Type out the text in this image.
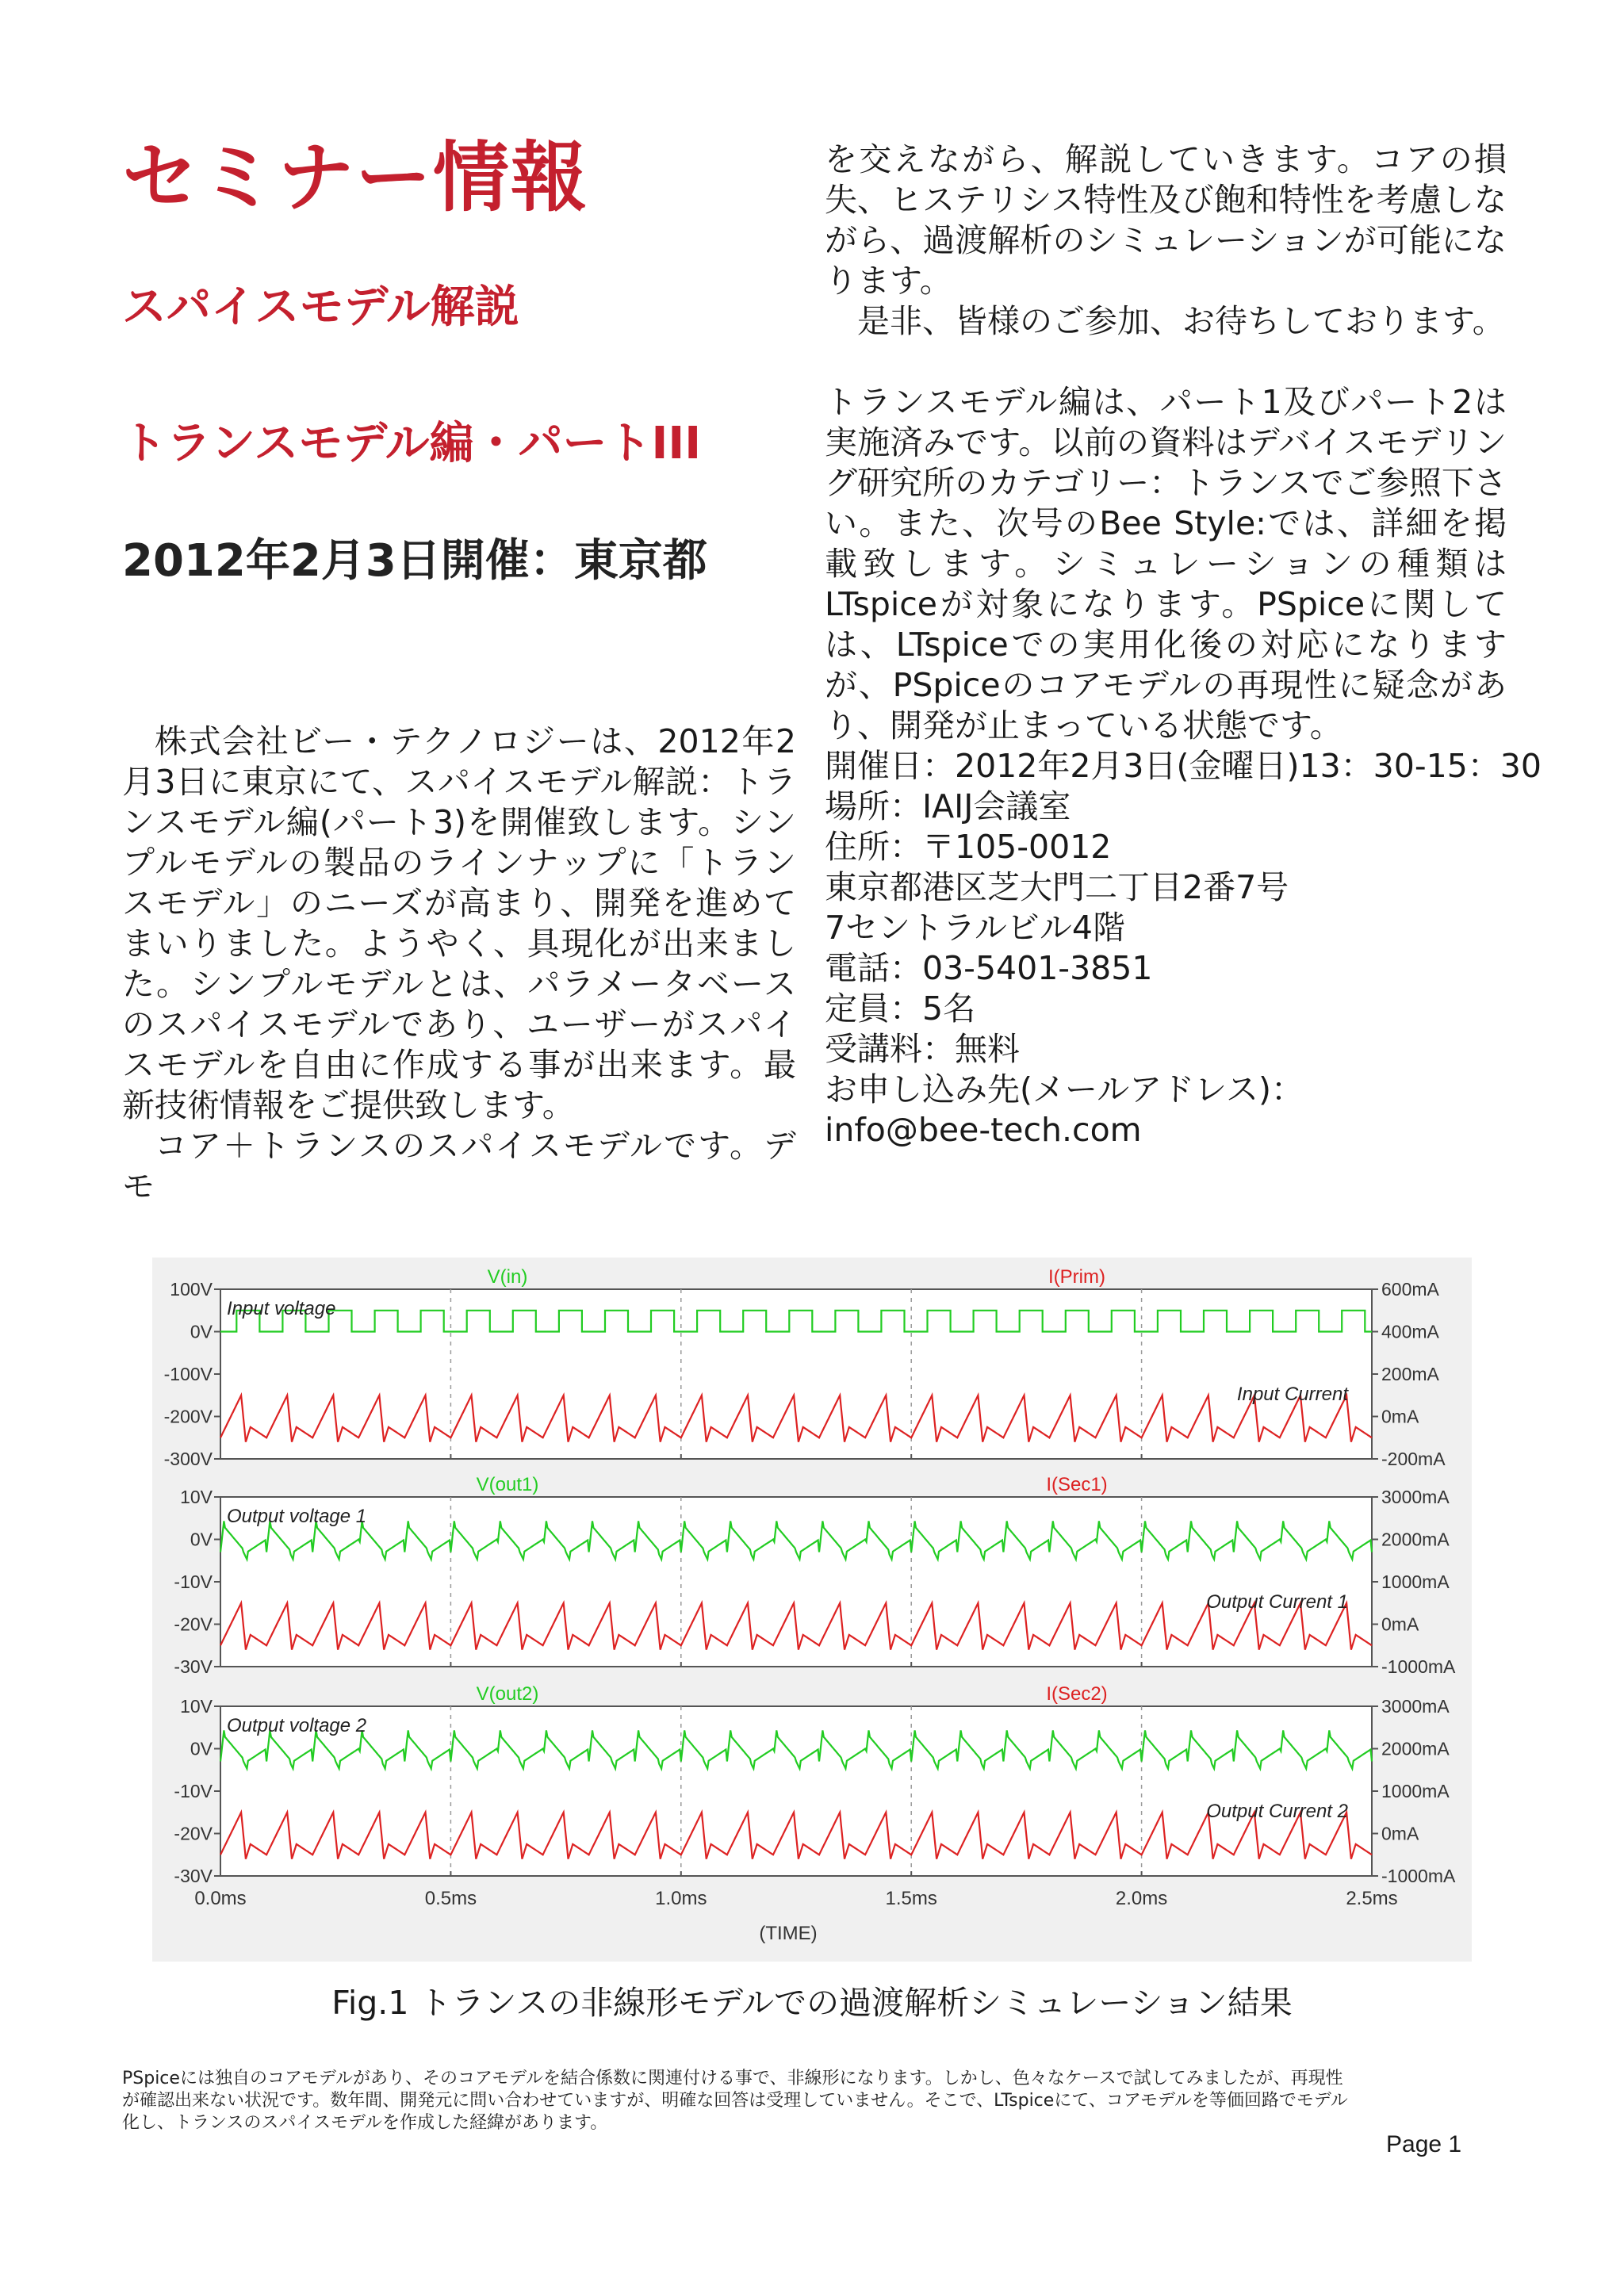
セミナー情報
スパイスモデル解説
トランスモデル編・パートIII
2012年2月3日開催：東京都

株式会社ビー・テクノロジーは、2012年2月3日に東京にて、スパイスモデル解説：トランスモデル編(パート3)を開催致します。シンプルモデルの製品のラインナップに「トランスモデル」のニーズが高まり、開発を進めてまいりました。ようやく、具現化が出来ました。シンプルモデルとは、パラメータベースのスパイスモデルであり、ユーザーがスパイスモデルを自由に作成する事が出来ます。最新技術情報をご提供致します。

コア＋トランスのスパイスモデルです。デモ

を交えながら、解説していきます。コアの損失、ヒステリシス特性及び飽和特性を考慮しながら、過渡解析のシミュレーションが可能になります。

是非、皆様のご参加、お待ちしております。

トランスモデル編は、パート1及びパート2は実施済みです。以前の資料はデバイスモデリング研究所のカテゴリー：トランスでご参照下さい。また、次号のBee Style:では、詳細を掲載致します。シミュレーションの種類はLTspiceが対象になります。PSpiceに関しては、LTspiceでの実用化後の対応になりますが、PSpiceのコアモデルの再現性に疑念があり、開発が止まっている状態です。

開催日：2012年2月3日(金曜日)13：30-15：30

場所：IAIJ会議室

住所：〒105-0012

東京都港区芝大門二丁目2番7号

7セントラルビル4階

電話：03-5401-3851

定員：5名

受講料：無料

お申し込み先(メールアドレス)：

info@bee-tech.com

100V	600mA
0V	400mA
-100V	200mA
-200V	0mA
-300V	-200mA
V(in)	I(Prim)
Input voltage
Input Current
10V	3000mA
0V	2000mA
-10V	1000mA
-20V	0mA
-30V	-1000mA
V(out1)	I(Sec1)
Output voltage 1
Output Current 1
10V	3000mA
0V	2000mA
-10V	1000mA
-20V	0mA
-30V	-1000mA
V(out2)	I(Sec2)
Output voltage 2
Output Current 2
0.0ms	0.5ms	1.0ms	1.5ms	2.0ms	2.5ms
(TIME)

Fig.1 トランスの非線形モデルでの過渡解析シミュレーション結果

PSpiceには独自のコアモデルがあり、そのコアモデルを結合係数に関連付ける事で、非線形になります。しかし、色々なケースで試してみましたが、再現性が確認出来ない状況です。数年間、開発元に問い合わせていますが、明確な回答は受理していません。そこで、LTspiceにて、コアモデルを等価回路でモデル化し、トランスのスパイスモデルを作成した経緯があります。

Page 1
